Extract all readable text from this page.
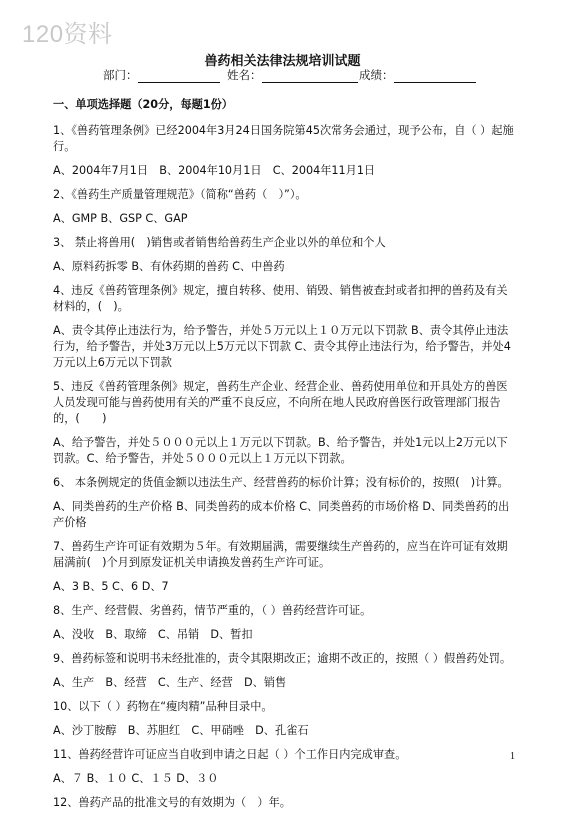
120资料
兽药相关法律法规培训试题
部门：	姓名：	成绩：

一、单项选择题（20分，每题1份）

1、《兽药管理条例》已经2004年3月24日国务院第45次常务会通过，现予公布，自（ ）起施行。

A、2004年7月1日　B、2004年10月1日　C、2004年11月1日

2、《兽药生产质量管理规范》（简称“兽药（　）”）。

A、GMP B、GSP C、GAP

3、 禁止将兽用(　)销售或者销售给兽药生产企业以外的单位和个人

A、原料药拆零 B、有休药期的兽药 C、中兽药

4、违反《兽药管理条例》规定，擅自转移、使用、销毁、销售被查封或者扣押的兽药及有关材料的，(　)。

A、责令其停止违法行为，给予警告，并处５万元以上１０万元以下罚款 B、责令其停止违法行为，给予警告，并处3万元以上5万元以下罚款 C、责令其停止违法行为，给予警告，并处4万元以上6万元以下罚款

5、违反《兽药管理条例》规定，兽药生产企业、经营企业、兽药使用单位和开具处方的兽医人员发现可能与兽药使用有关的严重不良反应，不向所在地人民政府兽医行政管理部门报告的，(　　)

A、给予警告，并处５０００元以上１万元以下罚款。B、给予警告，并处1元以上2万元以下罚款。C、给予警告，并处５０００元以上１万元以下罚款。

6、 本条例规定的货值金额以违法生产、经营兽药的标价计算；没有标价的，按照(　)计算。

A、同类兽药的生产价格 B、同类兽药的成本价格 C、同类兽药的市场价格 D、同类兽药的出产价格

7、兽药生产许可证有效期为５年。有效期届满，需要继续生产兽药的，应当在许可证有效期届满前(　)个月到原发证机关申请换发兽药生产许可证。

A、3 B、5 C、6 D、7

8、生产、经营假、劣兽药，情节严重的，（ ）兽药经营许可证。

A、没收　B、取缔　C、吊销　D、暂扣

9、兽药标签和说明书未经批准的，责令其限期改正；逾期不改正的，按照（ ）假兽药处罚。

A、生产　B、经营　C、生产、经营　D、销售

10、以下（ ）药物在“瘦肉精”品种目录中。

A、沙丁胺醇　B、苏胆红　C、甲硝唑　D、孔雀石

11、兽药经营许可证应当自收到申请之日起（ ）个工作日内完成审查。

A、７ B、１０ C、１５ D、３０

12、兽药产品的批准文号的有效期为（　）年。

1
